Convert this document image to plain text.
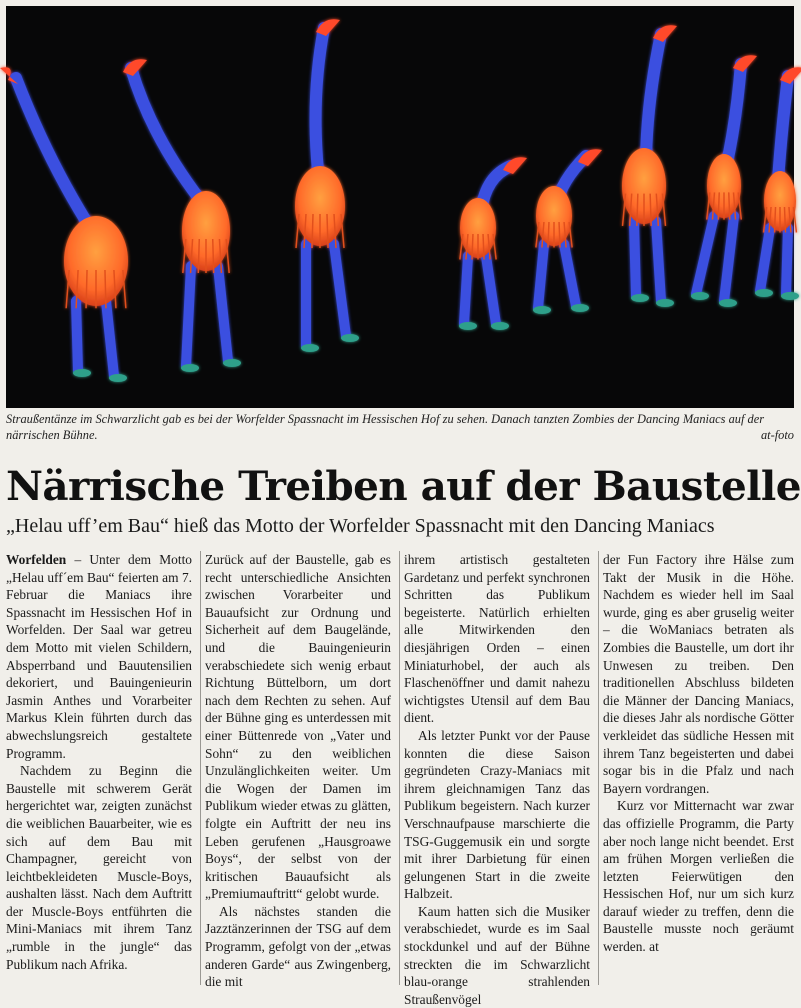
Straußentänze im Schwarzlicht gab es bei der Worfelder Spassnacht im Hessischen Hof zu sehen. Danach tanzten Zombies der Dancing Maniacs auf der närrischen Bühne.	at-foto
Närrische Treiben auf der Baustelle
„Helau uff’em Bau“ hieß das Motto der Worfelder Spassnacht mit den Dancing Maniacs

Worfelden – Unter dem Motto „Helau uff´em Bau“ feierten am 7. Februar die Maniacs ihre Spassnacht im Hessischen Hof in Worfelden. Der Saal war getreu dem Motto mit vielen Schildern, Absperrband und Bauutensilien dekoriert, und Bauingenieurin Jasmin Anthes und Vorarbeiter Markus Klein führten durch das abwechslungsreich gestaltete Programm.

Nachdem zu Beginn die Baustelle mit schwerem Gerät hergerichtet war, zeigten zunächst die weiblichen Bauarbeiter, wie es sich auf dem Bau mit Champagner, gereicht von leichtbekleideten Muscle-Boys, aushalten lässt. Nach dem Auftritt der Muscle-Boys entführten die Mini-Maniacs mit ihrem Tanz „rumble in the jungle“ das Publikum nach Afrika.

Zurück auf der Baustelle, gab es recht unterschiedliche Ansichten zwischen Vorarbeiter und Bauaufsicht zur Ordnung und Sicherheit auf dem Baugelände, und die Bauingenieurin verabschiedete sich wenig erbaut Richtung Büttelborn, um dort nach dem Rechten zu sehen. Auf der Bühne ging es unterdessen mit einer Büttenrede von „Vater und Sohn“ zu den weiblichen Unzulänglichkeiten weiter. Um die Wogen der Damen im Publikum wieder etwas zu glätten, folgte ein Auftritt der neu ins Leben gerufenen „Hausgroawe Boys“, der selbst von der kritischen Bauaufsicht als „Premiumauftritt“ gelobt wurde.

Als nächstes standen die Jazztänzerinnen der TSG auf dem Programm, gefolgt von der „etwas anderen Garde“ aus Zwingenberg, die mit

ihrem artistisch gestalteten Gardetanz und perfekt synchronen Schritten das Publikum begeisterte. Natürlich erhielten alle Mitwirkenden den diesjährigen Orden – einen Miniaturhobel, der auch als Flaschenöffner und damit nahezu wichtigstes Utensil auf dem Bau dient.

Als letzter Punkt vor der Pause konnten die diese Saison gegründeten Crazy-Maniacs mit ihrem gleichnamigen Tanz das Publikum begeistern. Nach kurzer Verschnaufpause marschierte die TSG-Guggemusik ein und sorgte mit ihrer Darbietung für einen gelungenen Start in die zweite Halbzeit.

Kaum hatten sich die Musiker verabschiedet, wurde es im Saal stockdunkel und auf der Bühne streckten die im Schwarzlicht blau-orange strahlenden Straußenvögel

der Fun Factory ihre Hälse zum Takt der Musik in die Höhe. Nachdem es wieder hell im Saal wurde, ging es aber gruselig weiter – die WoManiacs betraten als Zombies die Baustelle, um dort ihr Unwesen zu treiben. Den traditionellen Abschluss bildeten die Männer der Dancing Maniacs, die dieses Jahr als nordische Götter verkleidet das südliche Hessen mit ihrem Tanz begeisterten und dabei sogar bis in die Pfalz und nach Bayern vordrangen.

Kurz vor Mitternacht war zwar das offizielle Programm, die Party aber noch lange nicht beendet. Erst am frühen Morgen verließen die letzten Feierwütigen den Hessischen Hof, nur um sich kurz darauf wieder zu treffen, denn die Baustelle musste noch geräumt werden. at
